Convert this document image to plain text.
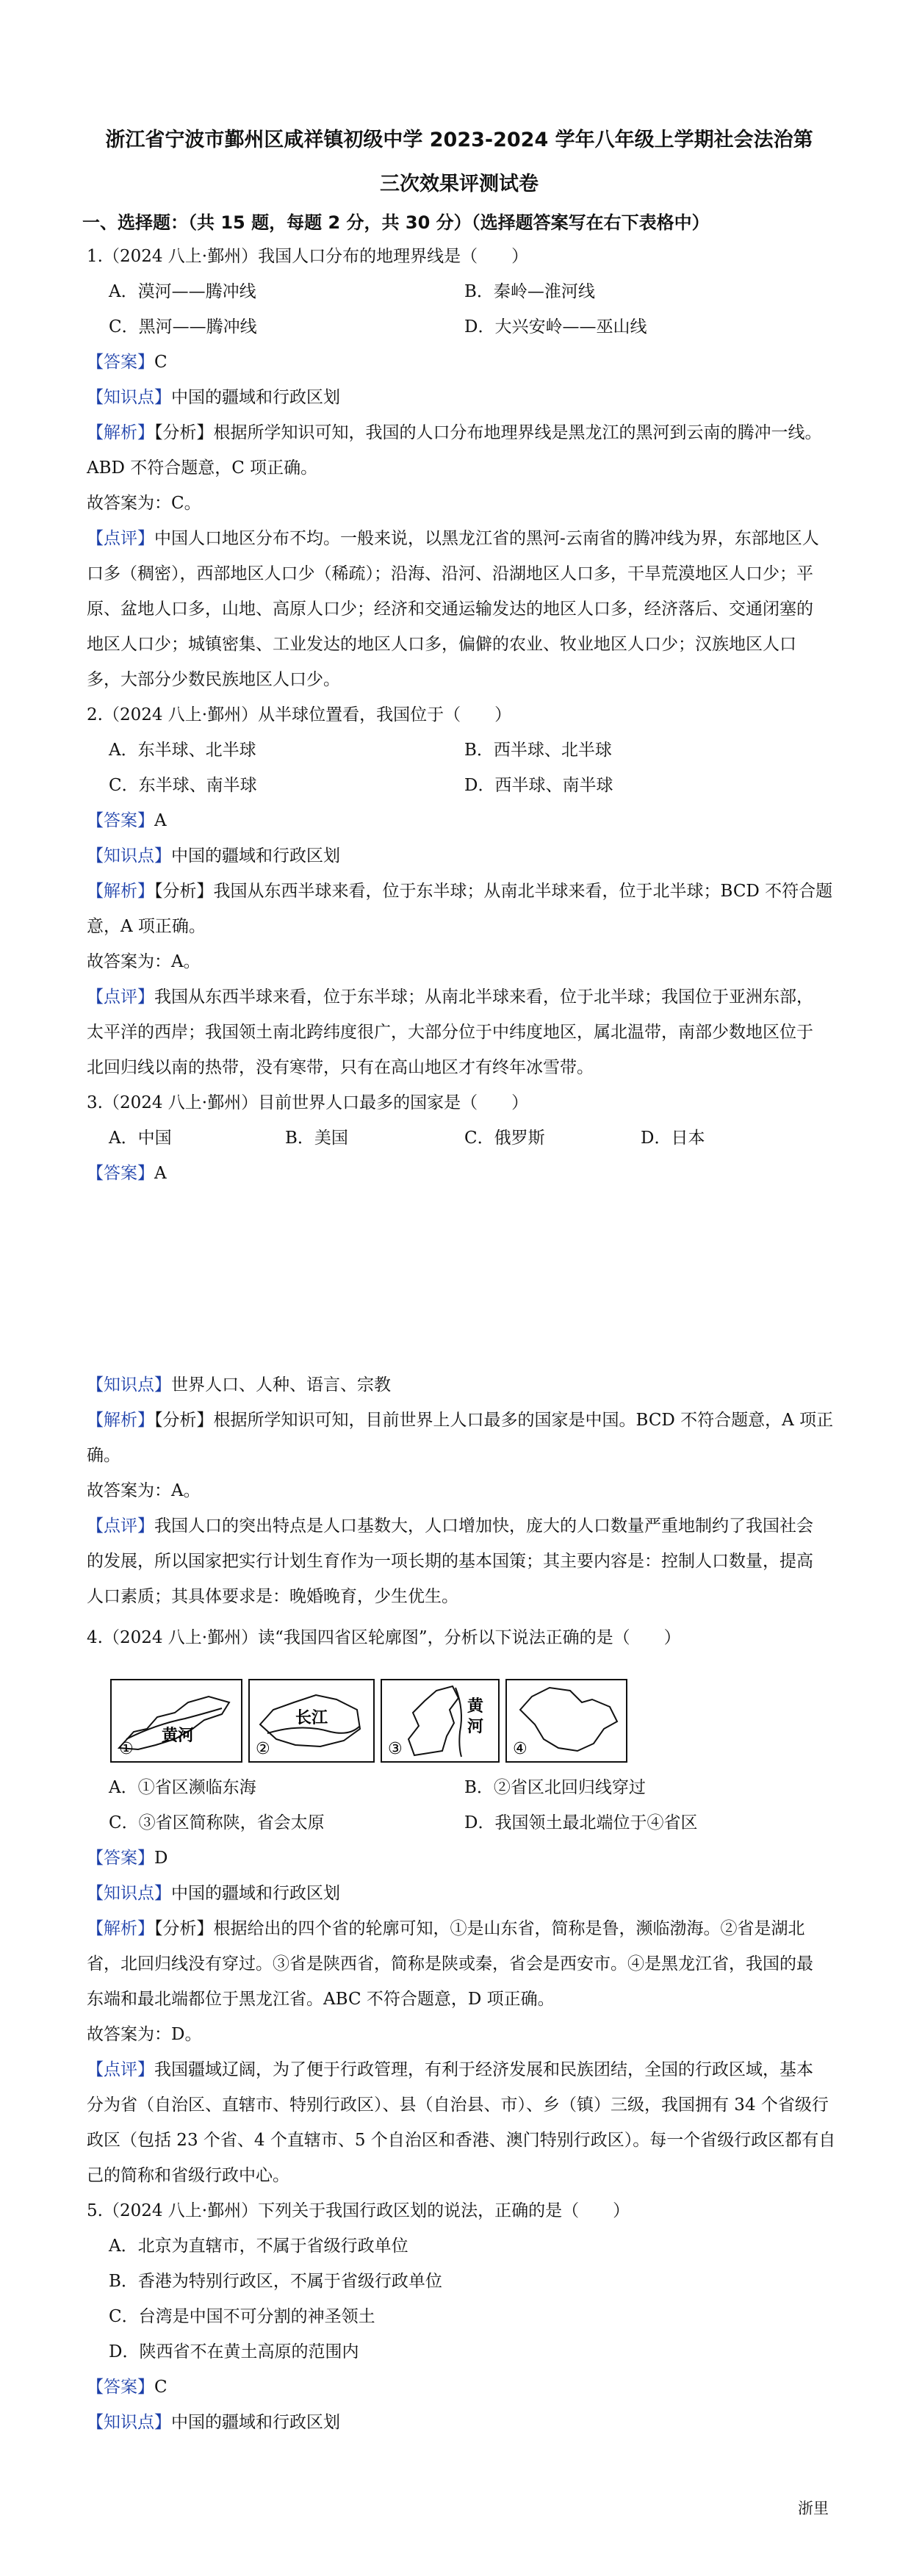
浙江省宁波市鄞州区咸祥镇初级中学 2023-2024 学年八年级上学期社会法治第
三次效果评测试卷
一、选择题：（共 15 题，每题 2 分，共 30 分）（选择题答案写在右下表格中）
1.（2024 八上·鄞州）我国人口分布的地理界线是（　　）
A．漠河——腾冲线	B．秦岭—淮河线
C．黑河——腾冲线	D．大兴安岭——巫山线
【答案】C
【知识点】中国的疆域和行政区划
【解析】【分析】根据所学知识可知，我国的人口分布地理界线是黑龙江的黑河到云南的腾冲一线。
ABD 不符合题意，C 项正确。
故答案为：C。
【点评】中国人口地区分布不均。一般来说，以黑龙江省的黑河-云南省的腾冲线为界，东部地区人
口多（稠密），西部地区人口少（稀疏）；沿海、沿河、沿湖地区人口多，干旱荒漠地区人口少；平
原、盆地人口多，山地、高原人口少；经济和交通运输发达的地区人口多，经济落后、交通闭塞的
地区人口少；城镇密集、工业发达的地区人口多，偏僻的农业、牧业地区人口少；汉族地区人口
多，大部分少数民族地区人口少。
2.（2024 八上·鄞州）从半球位置看，我国位于（　　）
A．东半球、北半球	B．西半球、北半球
C．东半球、南半球	D．西半球、南半球
【答案】A
【知识点】中国的疆域和行政区划
【解析】【分析】我国从东西半球来看，位于东半球；从南北半球来看，位于北半球；BCD 不符合题
意，A 项正确。
故答案为：A。
【点评】我国从东西半球来看，位于东半球；从南北半球来看，位于北半球；我国位于亚洲东部，
太平洋的西岸；我国领土南北跨纬度很广，大部分位于中纬度地区，属北温带，南部少数地区位于
北回归线以南的热带，没有寒带，只有在高山地区才有终年冰雪带。
3.（2024 八上·鄞州）目前世界人口最多的国家是（　　）
A．中国	B．美国	C．俄罗斯	D．日本
【答案】A
【知识点】世界人口、人种、语言、宗教
【解析】【分析】根据所学知识可知，目前世界上人口最多的国家是中国。BCD 不符合题意，A 项正
确。
故答案为：A。
【点评】我国人口的突出特点是人口基数大，人口增加快，庞大的人口数量严重地制约了我国社会
的发展，所以国家把实行计划生育作为一项长期的基本国策；其主要内容是：控制人口数量，提高
人口素质；其具体要求是：晚婚晚育，少生优生。
4.（2024 八上·鄞州）读“我国四省区轮廓图”，分析以下说法正确的是（　　）
①
黄河
②
长江
③
黄
河
④
A．①省区濒临东海	B．②省区北回归线穿过
C．③省区简称陕，省会太原	D．我国领土最北端位于④省区
【答案】D
【知识点】中国的疆域和行政区划
【解析】【分析】根据给出的四个省的轮廓可知，①是山东省，简称是鲁，濒临渤海。②省是湖北
省，北回归线没有穿过。③省是陕西省，简称是陕或秦，省会是西安市。④是黑龙江省，我国的最
东端和最北端都位于黑龙江省。ABC 不符合题意，D 项正确。
故答案为：D。
【点评】我国疆域辽阔，为了便于行政管理，有利于经济发展和民族团结，全国的行政区域，基本
分为省（自治区、直辖市、特别行政区）、县（自治县、市）、乡（镇）三级，我国拥有 34 个省级行
政区（包括 23 个省、4 个直辖市、5 个自治区和香港、澳门特别行政区）。每一个省级行政区都有自
己的简称和省级行政中心。
5.（2024 八上·鄞州）下列关于我国行政区划的说法，正确的是（　　）
A．北京为直辖市，不属于省级行政单位
B．香港为特别行政区，不属于省级行政单位
C．台湾是中国不可分割的神圣领土
D．陕西省不在黄土高原的范围内
【答案】C
【知识点】中国的疆域和行政区划
浙里
